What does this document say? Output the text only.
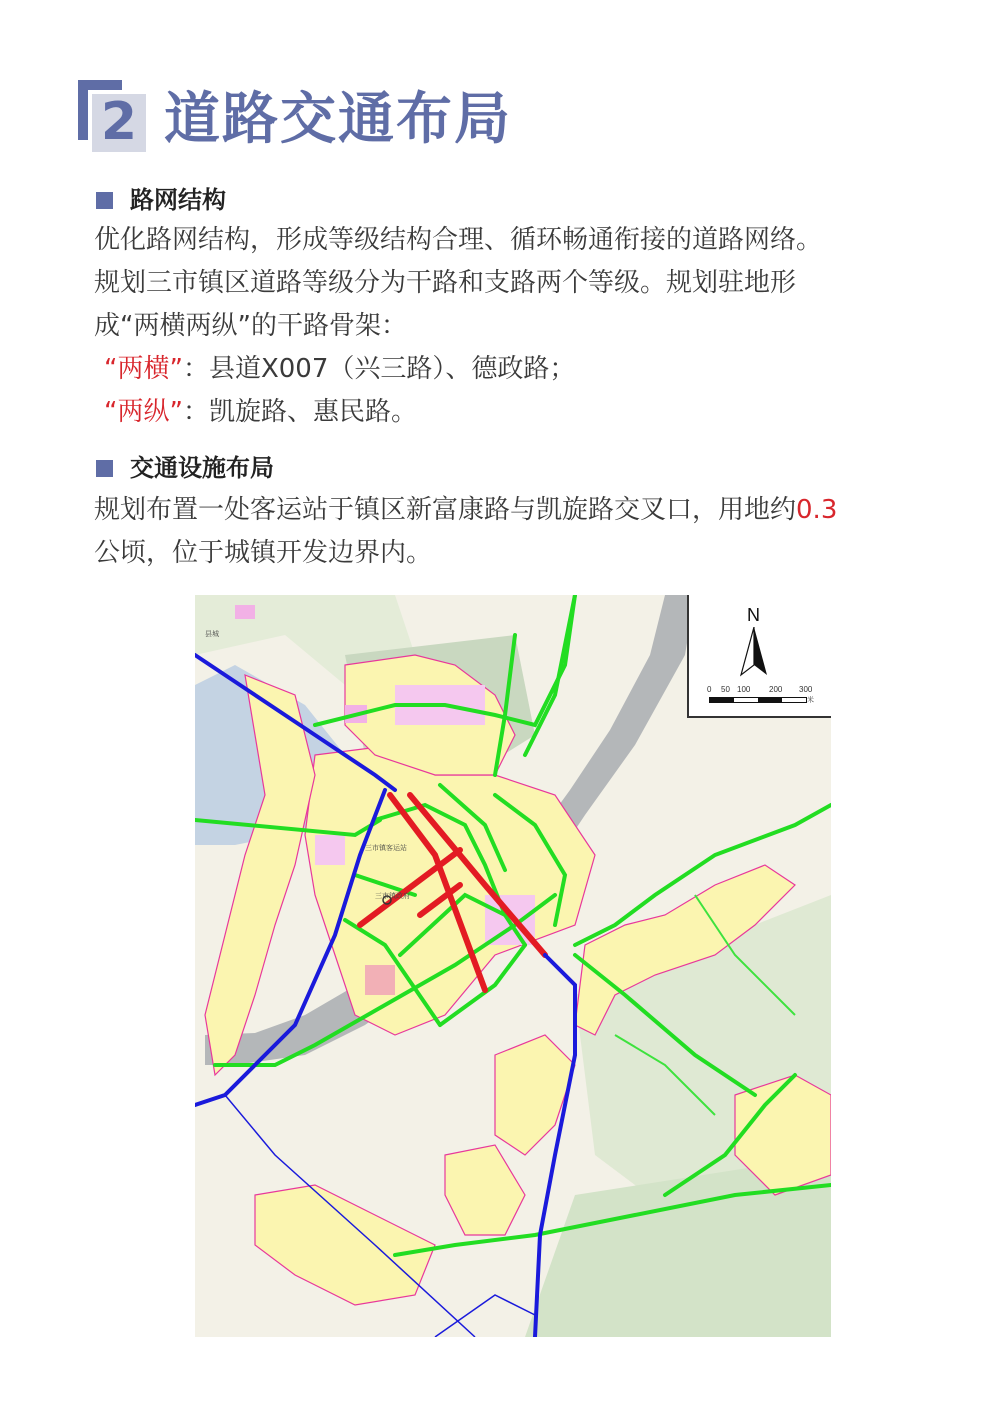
2 道路交通布局
路网结构
优化路网结构，形成等级结构合理、循环畅通衔接的道路网络。
规划三市镇区道路等级分为干路和支路两个等级。规划驻地形
成“两横两纵”的干路骨架：
“两横”：县道X007（兴三路）、德政路；
“两纵”：凯旋路、惠民路。
交通设施布局
规划布置一处客运站于镇区新富康路与凯旋路交叉口，用地约0.3
公顷，位于城镇开发边界内。
县城
三市镇客运站
三市镇政府
N
0 50 100 200 300
米
